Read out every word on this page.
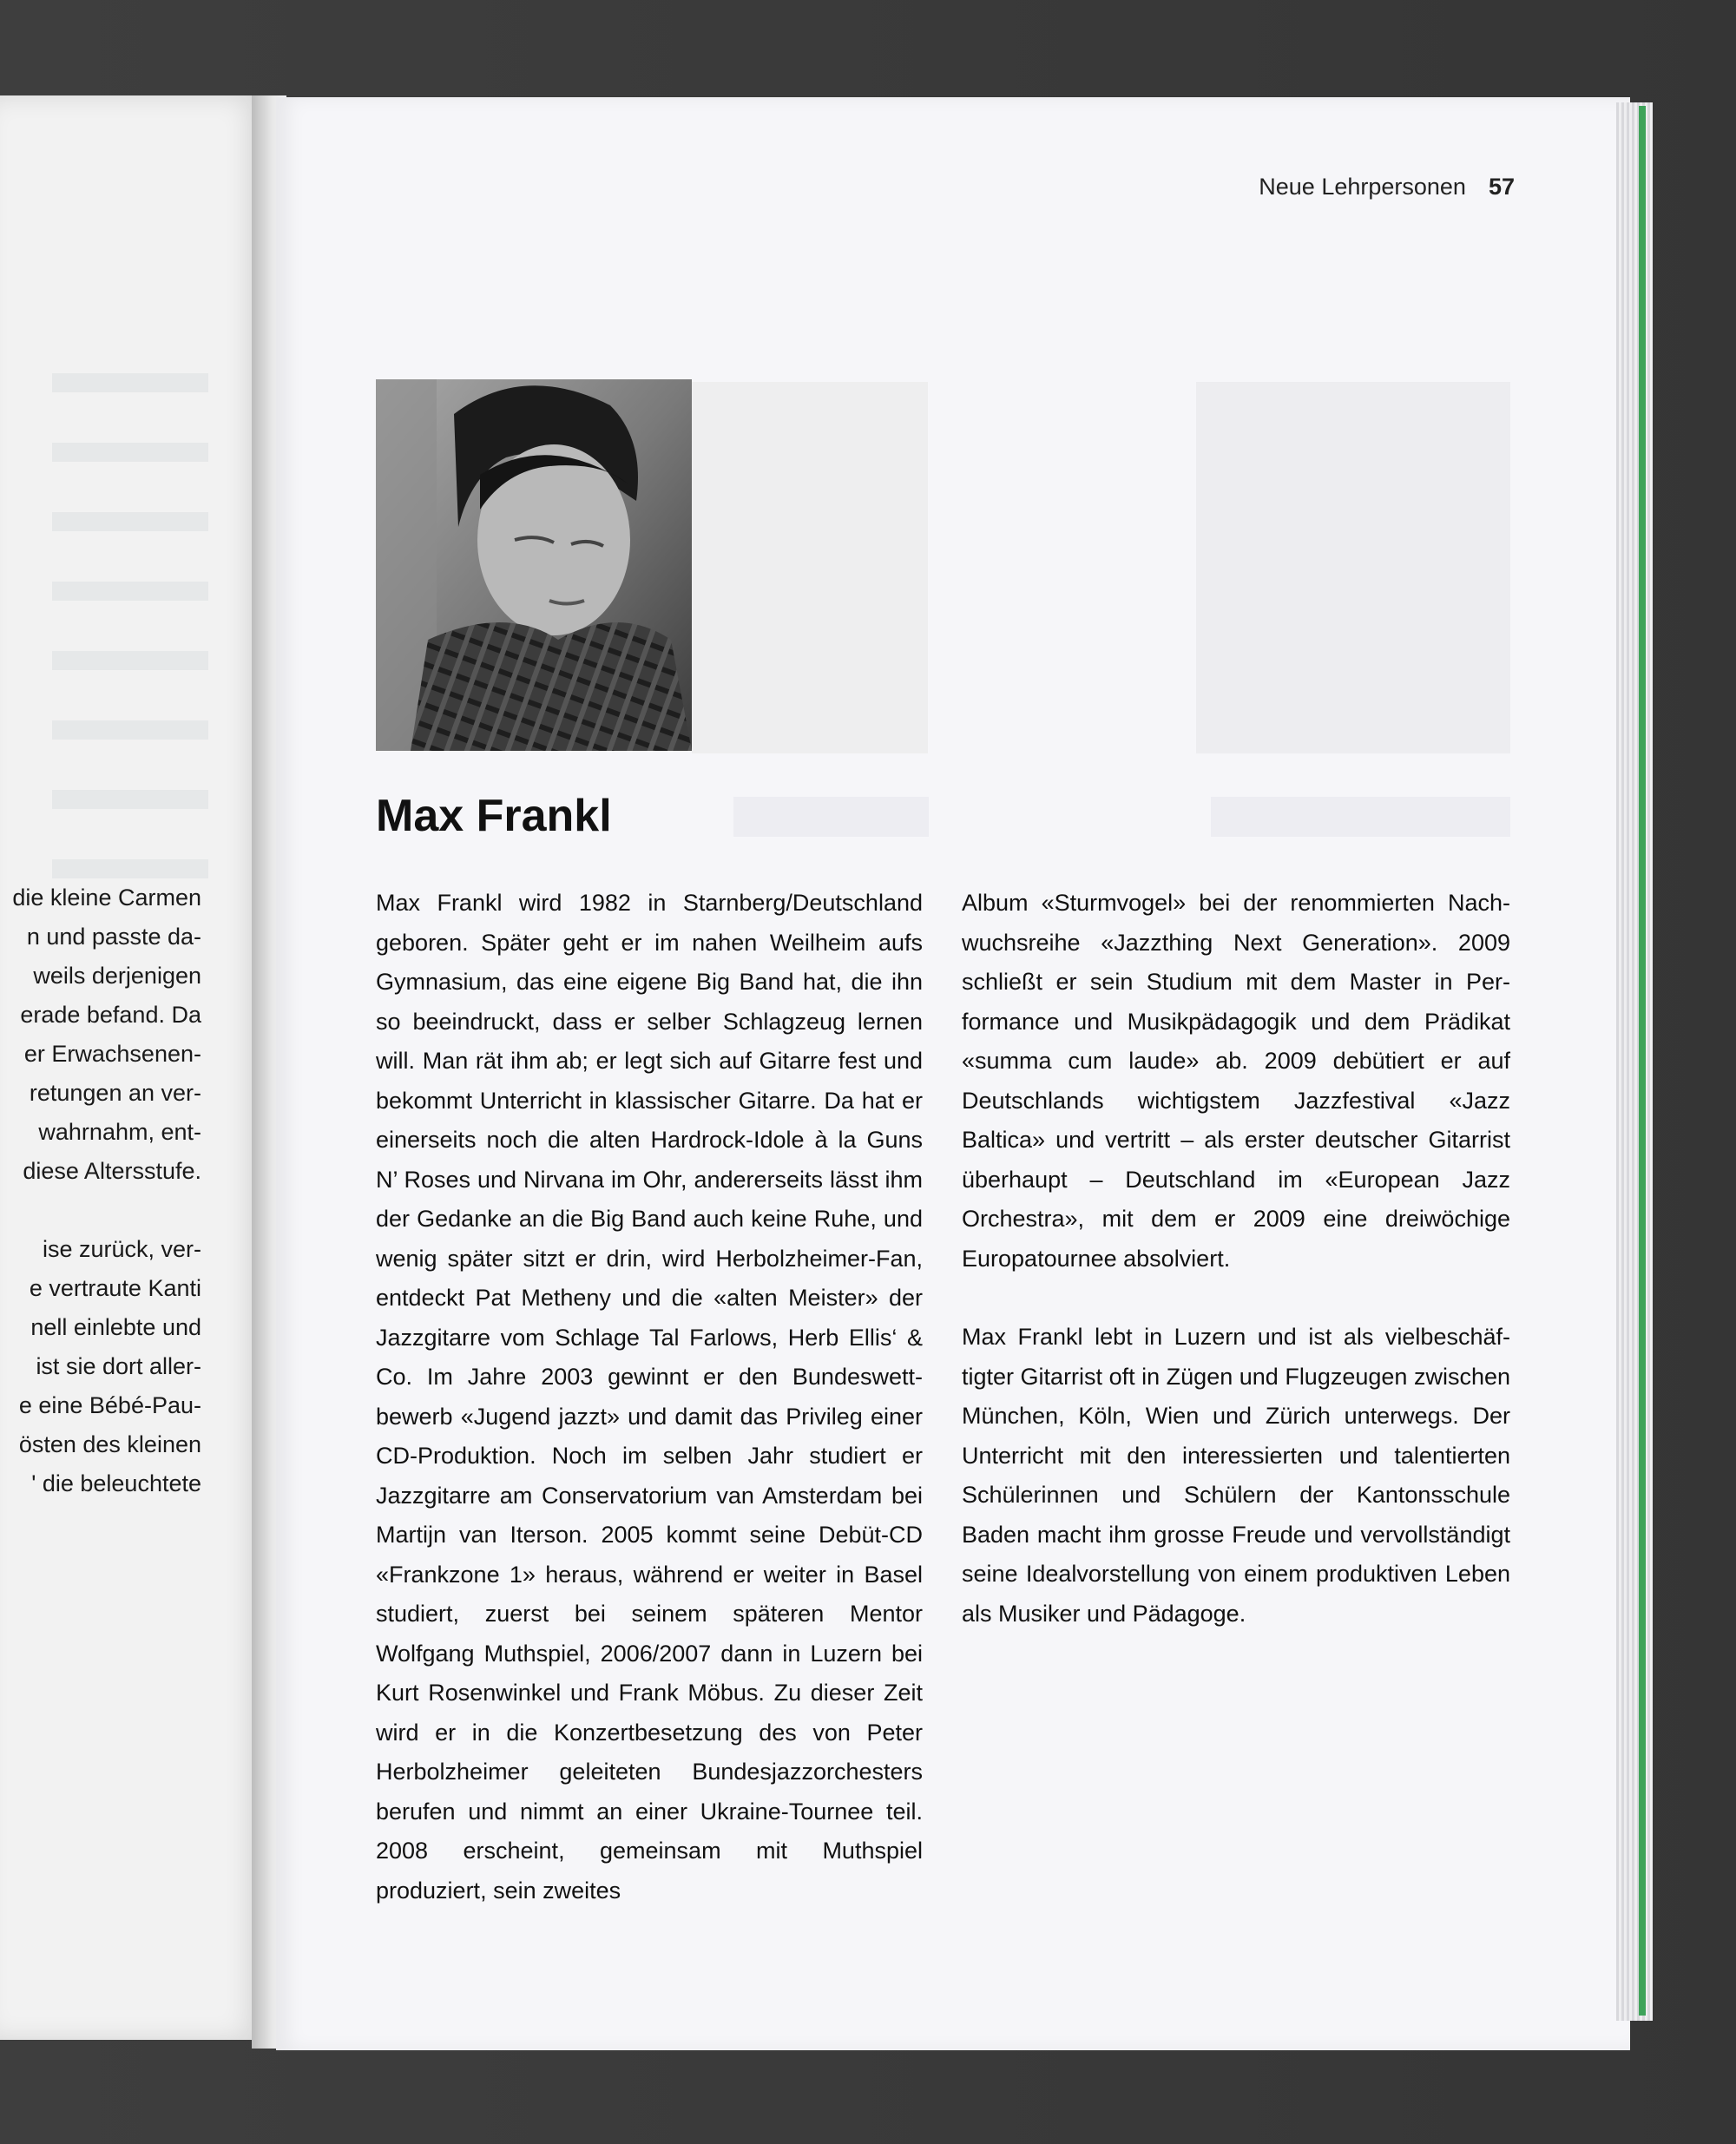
die kleine Carmen
n und passte da-
weils derjenigen
erade befand. Da
er Erwachsenen-
retungen an ver-
wahrnahm, ent-
diese Altersstufe.
ise zurück, ver-
e vertraute Kanti
nell einlebte und
ist sie dort aller-
e eine Bébé-Pau-
östen des kleinen
' die beleuchtete
Neue Lehrpersonen 57
Max Frankl

Max Frankl wird 1982 in Starnberg/Deutschland geboren. Später geht er im nahen Weilheim aufs Gymnasium, das eine eigene Big Band hat, die ihn so beeindruckt, dass er selber Schlagzeug lernen will. Man rät ihm ab; er legt sich auf Gitarre fest und bekommt Unterricht in klassischer Gitarre. Da hat er einerseits noch die alten Hardrock-Idole à la Guns N’ Roses und Nirvana im Ohr, andererseits lässt ihm der Gedanke an die Big Band auch keine Ruhe, und wenig später sitzt er drin, wird Herbolzheimer-Fan, entdeckt Pat Metheny und die «alten Meister» der Jazzgitarre vom Schlage Tal Farlows, Herb Ellis‘ & Co. Im Jahre 2003 gewinnt er den Bundeswettbewerb «Jugend jazzt» und damit das Privileg einer CD-Produktion. Noch im selben Jahr studiert er Jazzgitarre am Conservatorium van Amsterdam bei Martijn van Iterson. 2005 kommt seine Debüt-CD «Frankzone 1» heraus, während er weiter in Basel studiert, zuerst bei seinem späteren Mentor Wolfgang Muthspiel, 2006/2007 dann in Luzern bei Kurt Rosenwinkel und Frank Möbus. Zu dieser Zeit wird er in die Konzertbesetzung des von Peter Herbolzheimer geleiteten Bundesjazzorchesters berufen und nimmt an einer Ukraine-Tournee teil. 2008 erscheint, gemeinsam mit Muthspiel produziert, sein zweites

Album «Sturmvogel» bei der renommierten Nachwuchsreihe «Jazzthing Next Generation». 2009 schließt er sein Studium mit dem Master in Performance und Musikpädagogik und dem Prädikat «summa cum laude» ab. 2009 debütiert er auf Deutschlands wichtigstem Jazzfestival «Jazz Baltica» und vertritt – als erster deutscher Gitarrist überhaupt – Deutschland im «European Jazz Orchestra», mit dem er 2009 eine dreiwöchige Europatournee absolviert.

Max Frankl lebt in Luzern und ist als vielbeschäftigter Gitarrist oft in Zügen und Flugzeugen zwischen München, Köln, Wien und Zürich unterwegs. Der Unterricht mit den interessierten und talentierten Schülerinnen und Schülern der Kantonsschule Baden macht ihm grosse Freude und vervollständigt seine Idealvorstellung von einem produktiven Leben als Musiker und Pädagoge.
